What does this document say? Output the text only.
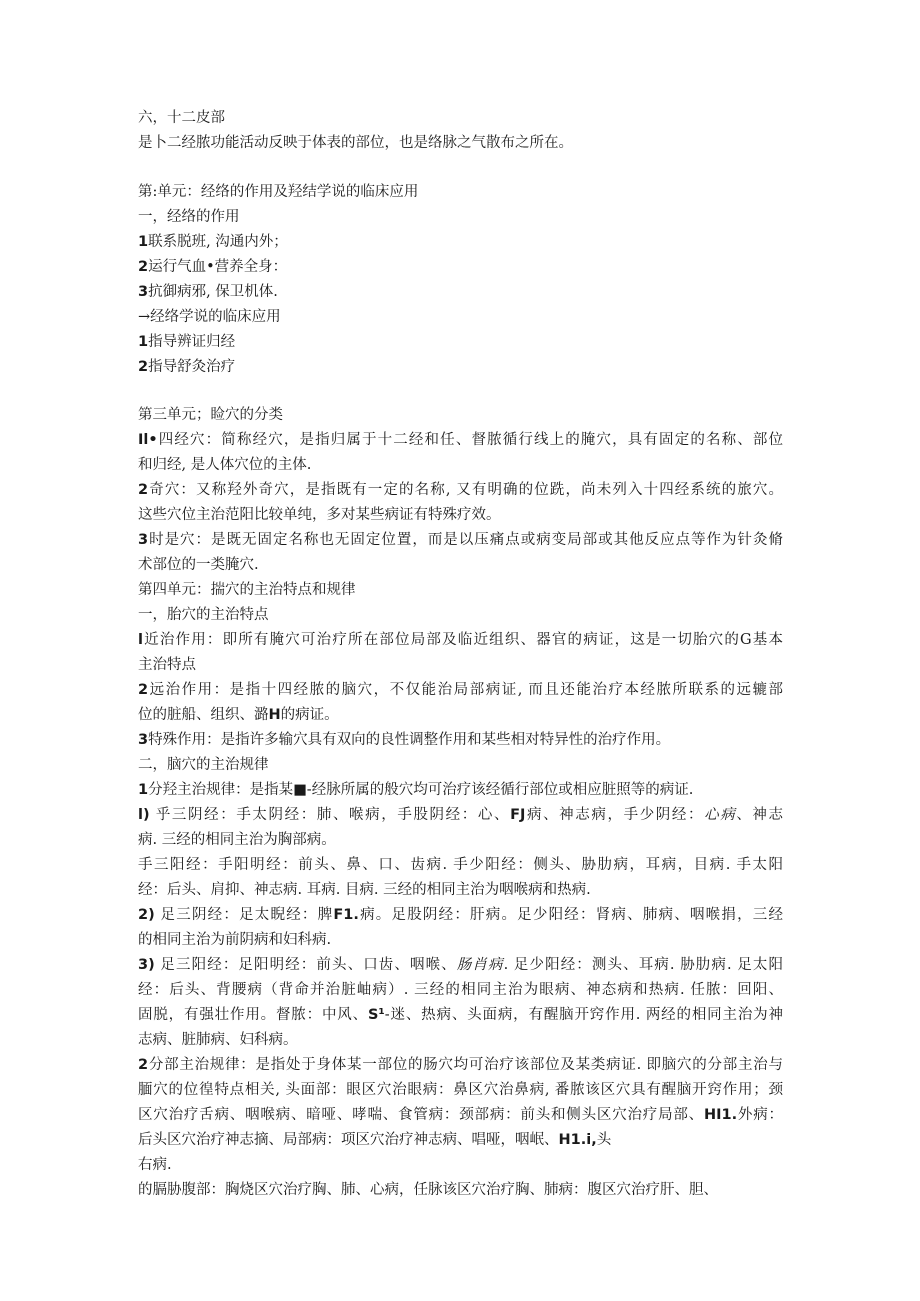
六，十二皮部
是卜二经脓功能活动反映于体表的部位，也是络脉之气散布之所在。
第:单元：经络的作用及羟结学说的临床应用
一，经络的作用
1联系脱班, 沟通内外；
2运行气血•营养全身：
3抗御病邪, 保卫机体.
→经络学说的临床应用
1指导辨证归经
2指导舒灸治疗
第三单元；睑穴的分类
Il•四经穴：简称经穴，是指归属于十二经和任、督脓循行线上的腌穴，具有固定的名称、部位
和归经, 是人体穴位的主体.
2奇穴：又称羟外奇穴，是指既有一定的名称, 又有明确的位跣，尚未列入十四经系统的旅穴。
这些穴位主治范阳比较单纯，多对某些病证有特殊疗效。
3时是穴：是既无固定名称也无固定位置，而是以压痛点或病变局部或其他反应点等作为针灸脩
术部位的一类腌穴.
第四单元：揣穴的主治特点和规律
一，胎穴的主治特点
l近治作用：即所有腌穴可治疗所在部位局部及临近组织、器官的病证，这是一切胎穴的G基本
主治特点
2远治作用：是指十四经脓的脑穴，不仅能治局部病证, 而且还能治疗本经脓所联系的远辘部
位的脏船、组织、潞H的病证。
3特殊作用：是指许多输穴具有双向的良性调整作用和某些相对特异性的治疗作用。
二，脑穴的主治规律
1分羟主治规律：是指某■-经脉所属的般穴均可治疗该经循行部位或相应脏照等的病证.
l) 乎三阴经：手太阴经：肺、喉病，手股阴经：心、FJ病、神志病，手少阴经：心病、神志
病. 三经的相同主治为胸部病。
手三阳经：手阳明经：前头、鼻、口、齿病. 手少阳经：侧头、胁肋病，耳病，目病. 手太阳
经：后头、肩抑、神志病. 耳病. 目病. 三经的相同主治为咽喉病和热病.
2) 足三阴经：足太睨经：脾F1.病。足股阴经：肝病。足少阳经：肾病、肺病、咽喉捐，三经
的相同主治为前阴病和妇科病.
3) 足三阳经：足阳明经：前头、口齿、咽喉、肠肖病. 足少阳经：测头、耳病. 胁肋病. 足太阳
经：后头、背腰病（背命并治脏岫病）. 三经的相同主治为眼病、神态病和热病. 任脓：回阳、
固脱，有强壮作用。督脓：中风、S¹-迷、热病、头面病，有醒脑开窍作用. 两经的相同主治为神
志病、脏肺病、妇科病。
2分部主治规律：是指处于身体某一部位的肠穴均可治疗该部位及某类病证. 即脑穴的分部主治与
腼穴的位徨特点相关, 头面部：眼区穴治眼病：鼻区穴治鼻病, 番脓该区穴具有醒脑开窍作用；颈
区穴治疗舌病、咽喉病、暗哑、哮喘、食管病：颈部病：前头和侧头区穴治疗局部、HI1.外病：
后头区穴治疗神志摘、局部病：项区穴治疗神志病、唱哑，咽岷、H1.i,头
右病.
的膈胁腹部：胸烧区穴治疗胸、肺、心病，任脉该区穴治疗胸、肺病：腹区穴治疗肝、胆、
